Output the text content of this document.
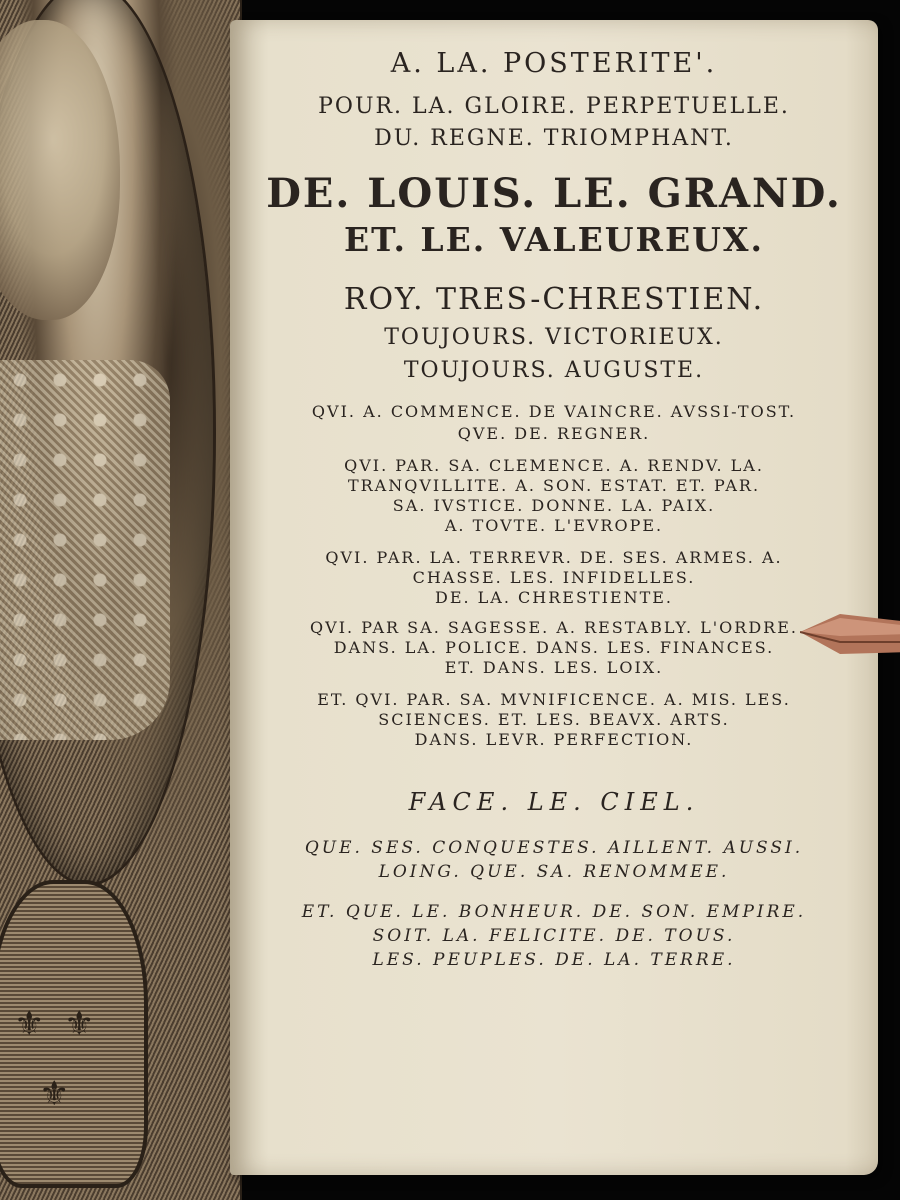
⚜ ⚜
⚜
A. LA. POSTERITE'.
POUR. LA. GLOIRE. PERPETUELLE.
DU. REGNE. TRIOMPHANT.
DE. LOUIS. LE. GRAND.
ET. LE. VALEUREUX.
ROY. TRES-CHRESTIEN.
TOUJOURS. VICTORIEUX.
TOUJOURS. AUGUSTE.
QVI. A. COMMENCE. DE VAINCRE. AVSSI-TOST.
QVE. DE. REGNER.
QVI. PAR. SA. CLEMENCE. A. RENDV. LA.
TRANQVILLITE. A. SON. ESTAT. ET. PAR.
SA. IVSTICE. DONNE. LA. PAIX.
A. TOVTE. L'EVROPE.
QVI. PAR. LA. TERREVR. DE. SES. ARMES. A.
CHASSE. LES. INFIDELLES.
DE. LA. CHRESTIENTE.
QVI. PAR SA. SAGESSE. A. RESTABLY. L'ORDRE.
DANS. LA. POLICE. DANS. LES. FINANCES.
ET. DANS. LES. LOIX.
ET. QVI. PAR. SA. MVNIFICENCE. A. MIS. LES.
SCIENCES. ET. LES. BEAVX. ARTS.
DANS. LEVR. PERFECTION.
FACE. LE. CIEL.
QUE. SES. CONQUESTES. AILLENT. AUSSI.
LOING. QUE. SA. RENOMMEE.
ET. QUE. LE. BONHEUR. DE. SON. EMPIRE.
SOIT. LA. FELICITE. DE. TOUS.
LES. PEUPLES. DE. LA. TERRE.
